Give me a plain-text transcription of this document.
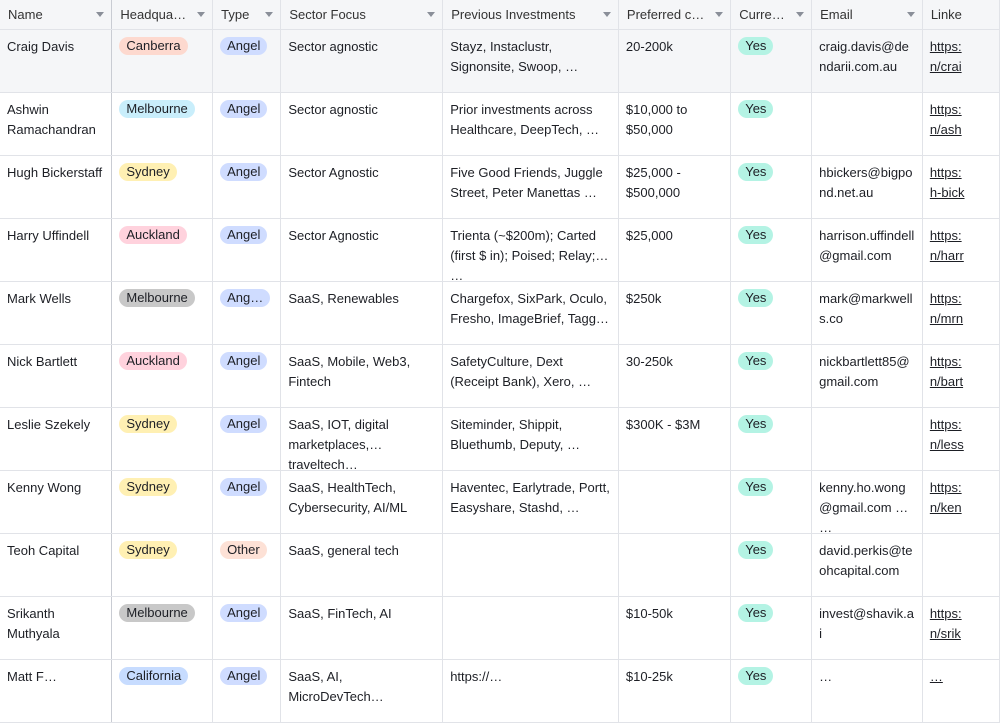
Name	Headqua…	Type	Sector Focus	Previous Investments	Preferred c…	Curre…	Email	Linke

Craig Davis	Canberra	Angel	Sector agnostic	Stayz, Instaclustr, Signonsite, Swoop, …	20-200k	Yes	craig.davis@dendarii.com.au	https:
n/crai

Ashwin Ramachandran	Melbourne	Angel	Sector agnostic	Prior investments across Healthcare, DeepTech, …	$10,000 to $50,000	Yes		https:
n/ash

Hugh Bickerstaff	Sydney	Angel	Sector Agnostic	Five Good Friends, Juggle Street, Peter Manettas …	$25,000 - $500,000	Yes	hbickers@bigpond.net.au	https:
h-bick

Harry Uffindell	Auckland	Angel	Sector Agnostic	Trienta (~$200m); Carted (first $ in); Poised; Relay; …	$25,000	Yes	harrison.uffindell@gmail.com	https:
n/harr

Mark Wells	Melbourne	Ang…	SaaS, Renewables	Chargefox, SixPark, Oculo, Fresho, ImageBrief, Tagg…	$250k	Yes	mark@markwells.co	https:
n/mrn

Nick Bartlett	Auckland	Angel	SaaS, Mobile, Web3, Fintech	SafetyCulture, Dext (Receipt Bank), Xero, …	30-250k	Yes	nickbartlett85@gmail.com	https:
n/bart

Leslie Szekely	Sydney	Angel	SaaS, IOT, digital marketplaces, traveltech…	Siteminder, Shippit, Bluethumb, Deputy, …	$300K - $3M	Yes		https:
n/less

Kenny Wong	Sydney	Angel	SaaS, HealthTech, Cybersecurity, AI/ML	Haventec, Earlytrade, Portt, Easyshare, Stashd, …		Yes	kenny.ho.wong@gmail.com or …	https:
n/ken

Teoh Capital	Sydney	Other	SaaS, general tech			Yes	david.perkis@teohcapital.com	

Srikanth Muthyala	Melbourne	Angel	SaaS, FinTech, AI		$10-50k	Yes	invest@shavik.ai	https:
n/srik

Matt F…	California	Angel	SaaS, AI, MicroDevTech…	https://…	$10-25k	Yes	…	…
